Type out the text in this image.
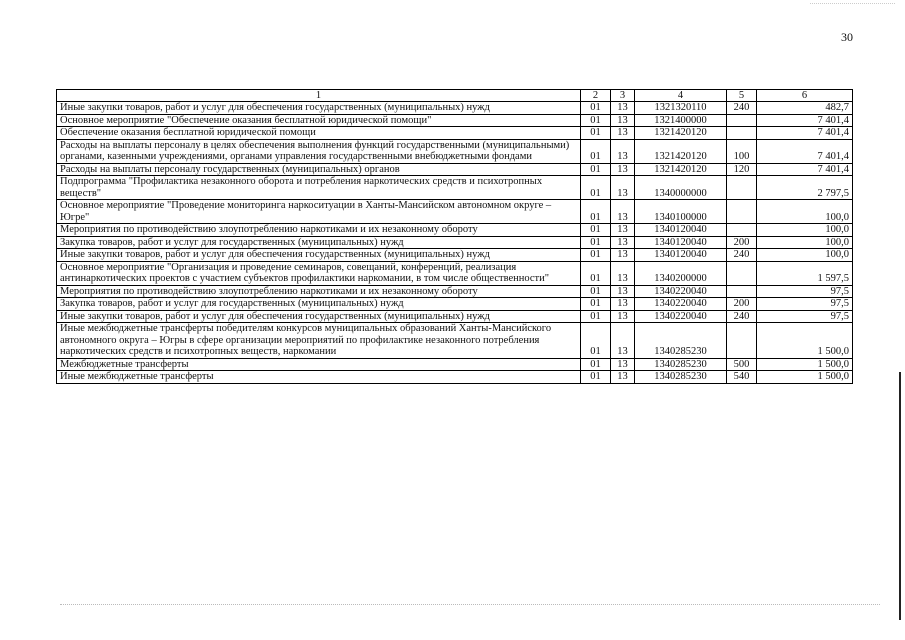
30
1	2	3	4	5	6
Иные закупки товаров, работ и услуг для обеспечения государственных (муниципальных) нужд	01	13	1321320110	240	482,7
Основное мероприятие "Обеспечение оказания бесплатной юридической помощи"	01	13	1321400000		7 401,4
Обеспечение оказания бесплатной юридической помощи	01	13	1321420120		7 401,4
Расходы на выплаты персоналу в целях обеспечения выполнения функций государственными (муниципальными) органами, казенными учреждениями, органами управления государственными внебюджетными фондами	01	13	1321420120	100	7 401,4
Расходы на выплаты персоналу государственных (муниципальных) органов	01	13	1321420120	120	7 401,4
Подпрограмма "Профилактика незаконного оборота и потребления наркотических средств и психотропных веществ"	01	13	1340000000		2 797,5
Основное мероприятие "Проведение мониторинга наркоситуации в Ханты-Мансийском автономном округе – Югре"	01	13	1340100000		100,0
Мероприятия по противодействию злоупотреблению наркотиками и их незаконному обороту	01	13	1340120040		100,0
Закупка товаров, работ и услуг для государственных (муниципальных) нужд	01	13	1340120040	200	100,0
Иные закупки товаров, работ и услуг для обеспечения государственных (муниципальных) нужд	01	13	1340120040	240	100,0
Основное мероприятие "Организация и проведение семинаров, совещаний, конференций, реализация антинаркотических проектов с участием субъектов профилактики наркомании, в том числе общественности"	01	13	1340200000		1 597,5
Мероприятия по противодействию злоупотреблению наркотиками и их незаконному обороту	01	13	1340220040		97,5
Закупка товаров, работ и услуг для государственных (муниципальных) нужд	01	13	1340220040	200	97,5
Иные закупки товаров, работ и услуг для обеспечения государственных (муниципальных) нужд	01	13	1340220040	240	97,5
Иные межбюджетные трансферты победителям конкурсов муниципальных образований Ханты-Мансийского автономного округа – Югры в сфере организации мероприятий по профилактике незаконного потребления наркотических средств и психотропных веществ, наркомании	01	13	1340285230		1 500,0
Межбюджетные трансферты	01	13	1340285230	500	1 500,0
Иные межбюджетные трансферты	01	13	1340285230	540	1 500,0
